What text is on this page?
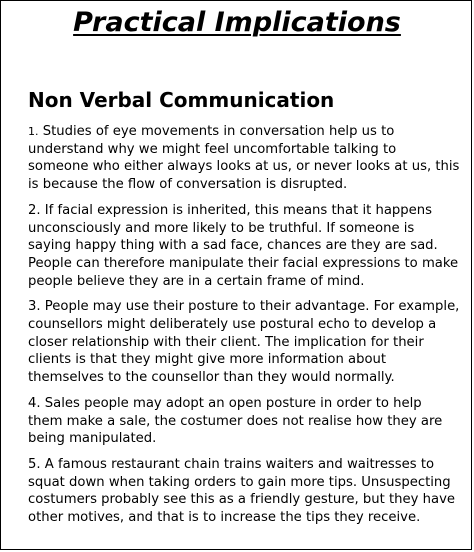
Practical Implications
Non Verbal Communication
1. Studies of eye movements in conversation help us to understand why we might feel uncomfortable talking to someone who either always looks at us, or never looks at us, this is because the flow of conversation is disrupted.
2. If facial expression is inherited, this means that it happens unconsciously and more likely to be truthful. If someone is saying happy thing with a sad face, chances are they are sad. People can therefore manipulate their facial expressions to make people believe they are in a certain frame of mind.
3. People may use their posture to their advantage. For example, counsellors might deliberately use postural echo to develop a closer relationship with their client. The implication for their clients is that they might give more information about themselves to the counsellor than they would normally.
4. Sales people may adopt an open posture in order to help them make a sale, the costumer does not realise how they are being manipulated.
5. A famous restaurant chain trains waiters and waitresses to squat down when taking orders to gain more tips. Unsuspecting costumers probably see this as a friendly gesture, but they have other motives, and that is to increase the tips they receive.
